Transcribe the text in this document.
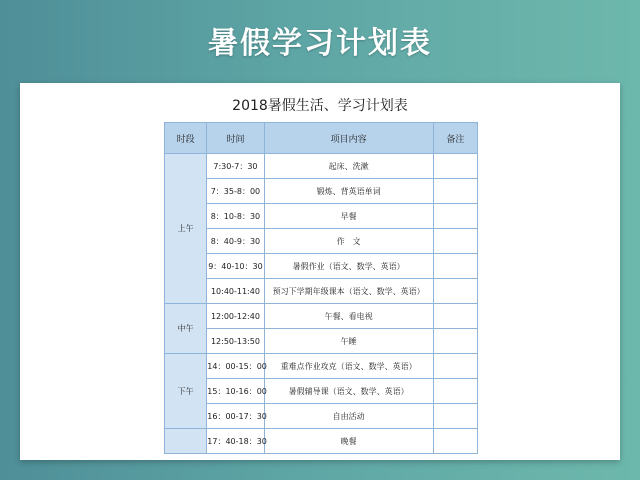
暑假学习计划表
2018暑假生活、学习计划表
时段	时间	项目内容	备注
上午	7:30-7：30	起床、洗漱	
	7：35-8：00	锻炼、背英语单词	
	8：10-8：30	早餐	
	8：40-9：30	作　文	
	9：40-10：30	暑假作业（语文、数学、英语）	
	10:40-11:40	预习下学期年级课本（语文、数学、英语）	
中午	12:00-12:40	午餐、看电视	
	12:50-13:50	午睡	
下午	14：00-15：00	重难点作业攻克（语文、数学、英语）	
	15：10-16：00	暑假辅导课（语文、数学、英语）	
	16：00-17：30	自由活动	
	17：40-18：30	晚餐	
